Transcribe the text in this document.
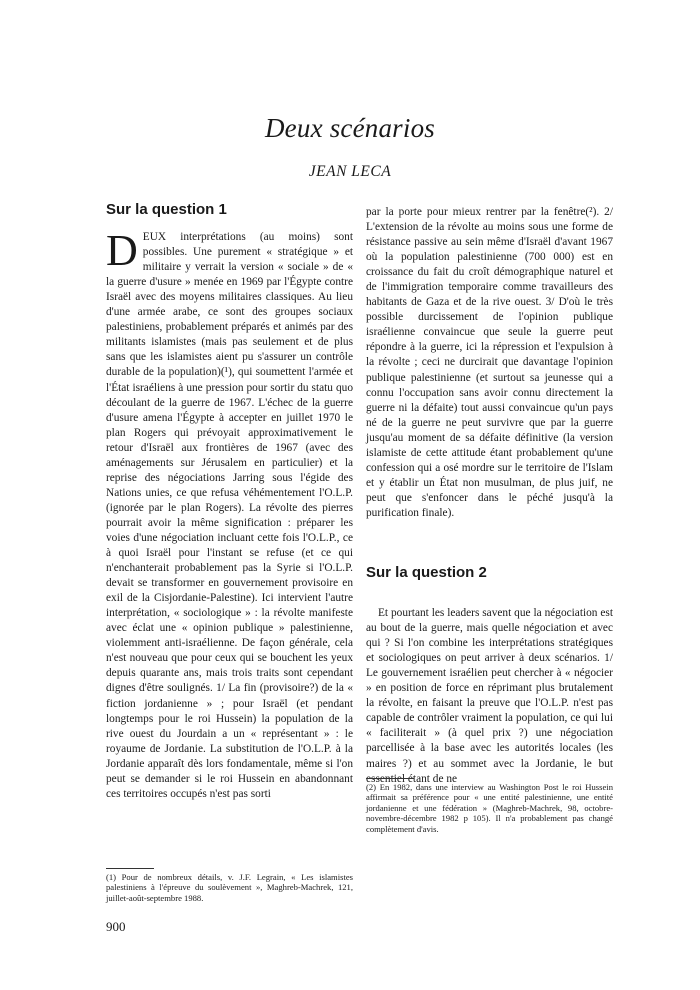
Deux scénarios
JEAN LECA
Sur la question 1

DEUX interprétations (au moins) sont possibles. Une purement « stratégique » et militaire y verrait la version « sociale » de « la guerre d'usure » menée en 1969 par l'Égypte contre Israël avec des moyens militaires classiques. Au lieu d'une armée arabe, ce sont des groupes sociaux palestiniens, probablement préparés et animés par des militants islamistes (mais pas seulement et de plus sans que les islamistes aient pu s'assurer un contrôle durable de la population)(¹), qui soumettent l'armée et l'État israéliens à une pression pour sortir du statu quo découlant de la guerre de 1967. L'échec de la guerre d'usure amena l'Égypte à accepter en juillet 1970 le plan Rogers qui prévoyait approximativement le retour d'Israël aux frontières de 1967 (avec des aménagements sur Jérusalem en particulier) et la reprise des négociations Jarring sous l'égide des Nations unies, ce que refusa véhémentement l'O.L.P. (ignorée par le plan Rogers). La révolte des pierres pourrait avoir la même signification : préparer les voies d'une négociation incluant cette fois l'O.L.P., ce à quoi Israël pour l'instant se refuse (et ce qui n'enchanterait probablement pas la Syrie si l'O.L.P. devait se transformer en gouvernement provisoire en exil de la Cisjordanie-Palestine). Ici intervient l'autre interprétation, « sociologique » : la révolte manifeste avec éclat une « opinion publique » palestinienne, violemment anti-israélienne. De façon générale, cela n'est nouveau que pour ceux qui se bouchent les yeux depuis quarante ans, mais trois traits sont cependant dignes d'être soulignés. 1/ La fin (provisoire?) de la « fiction jordanienne » ; pour Israël (et pendant longtemps pour le roi Hussein) la population de la rive ouest du Jourdain a un « représentant » : le royaume de Jordanie. La substitution de l'O.L.P. à la Jordanie apparaît dès lors fondamentale, même si l'on peut se demander si le roi Hussein en abandonnant ces territoires occupés n'est pas sorti

par la porte pour mieux rentrer par la fenêtre(²). 2/ L'extension de la révolte au moins sous une forme de résistance passive au sein même d'Israël d'avant 1967 où la population palestinienne (700 000) est en croissance du fait du croît démographique naturel et de l'immigration temporaire comme travailleurs des habitants de Gaza et de la rive ouest. 3/ D'où le très possible durcissement de l'opinion publique israélienne convaincue que seule la guerre peut répondre à la guerre, ici la répression et l'expulsion à la révolte ; ceci ne durcirait que davantage l'opinion publique palestinienne (et surtout sa jeunesse qui a connu l'occupation sans avoir connu directement la guerre ni la défaite) tout aussi convaincue qu'un pays né de la guerre ne peut survivre que par la guerre jusqu'au moment de sa défaite définitive (la version islamiste de cette attitude étant probablement qu'une confession qui a osé mordre sur le territoire de l'Islam et y établir un État non musulman, de plus juif, ne peut que s'enfoncer dans le péché jusqu'à la purification finale).

Sur la question 2

Et pourtant les leaders savent que la négociation est au bout de la guerre, mais quelle négociation et avec qui ? Si l'on combine les interprétations stratégiques et sociologiques on peut arriver à deux scénarios. 1/ Le gouvernement israélien peut chercher à « négocier » en position de force en réprimant plus brutalement la révolte, en faisant la preuve que l'O.L.P. n'est pas capable de contrôler vraiment la population, ce qui lui « faciliterait » (à quel prix ?) une négociation parcellisée à la base avec les autorités locales (les maires ?) et au sommet avec la Jordanie, le but essentiel étant de ne

(1) Pour de nombreux détails, v. J.F. Legrain, « Les islamistes palestiniens à l'épreuve du soulèvement », Maghreb-Machrek, 121, juillet-août-septembre 1988.
(2) En 1982, dans une interview au Washington Post le roi Hussein affirmait sa préférence pour « une entité palestinienne, une entité jordanienne et une fédération » (Maghreb-Machrek, 98, octobre-novembre-décembre 1982 p 105). Il n'a probablement pas changé complètement d'avis.
900
